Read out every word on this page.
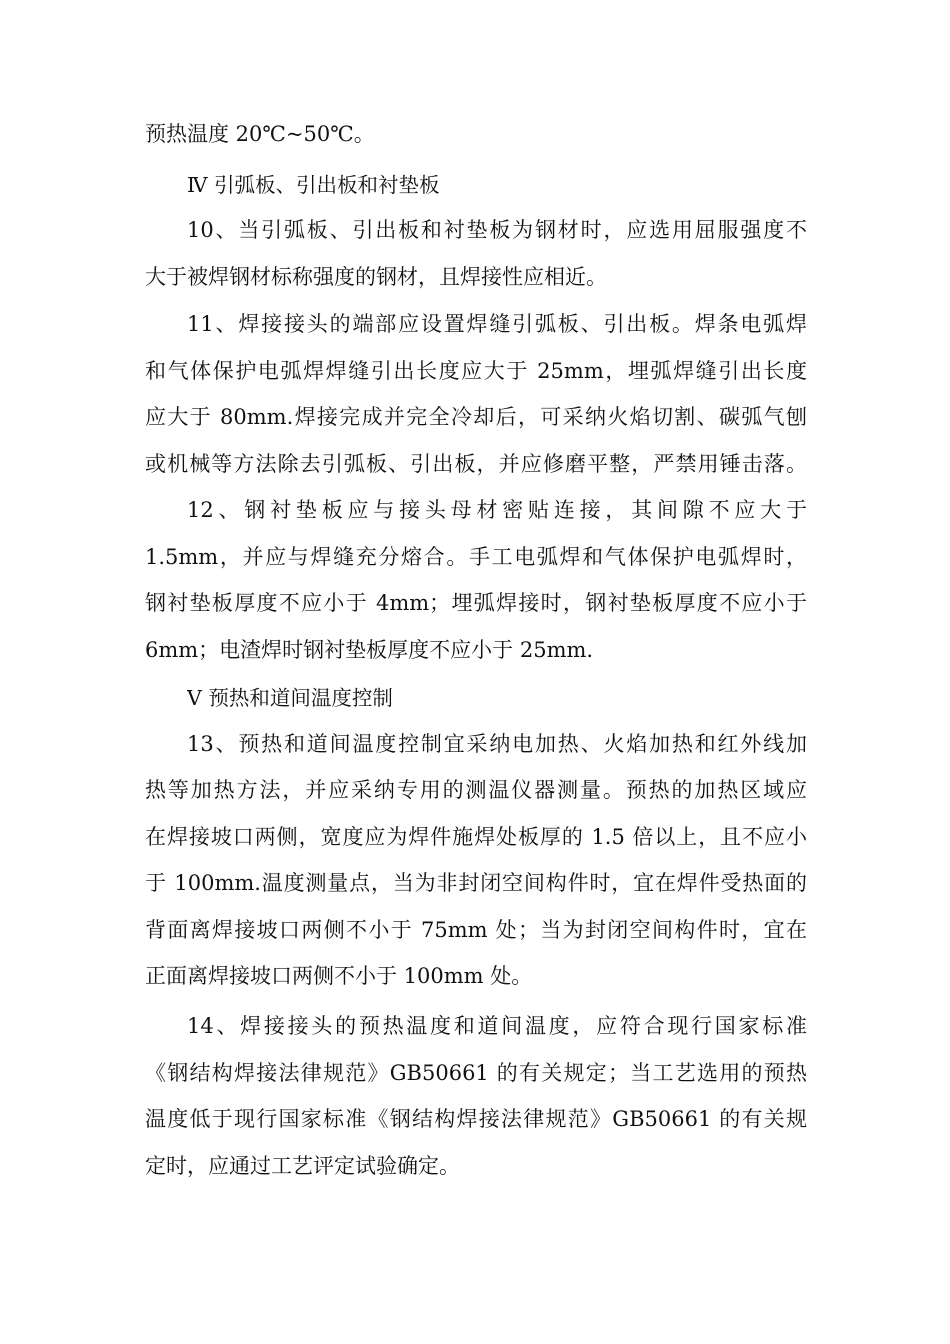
预热温度 20℃~50℃。
Ⅳ 引弧板、引出板和衬垫板
10、当引弧板、引出板和衬垫板为钢材时，应选用屈服强度不
大于被焊钢材标称强度的钢材，且焊接性应相近。
11、焊接接头的端部应设置焊缝引弧板、引出板。焊条电弧焊
和气体保护电弧焊焊缝引出长度应大于 25mm，埋弧焊缝引出长度
应大于 80mm.焊接完成并完全冷却后，可采纳火焰切割、碳弧气刨
或机械等方法除去引弧板、引出板，并应修磨平整，严禁用锤击落。
12、钢衬垫板应与接头母材密贴连接，其间隙不应大于
1.5mm，并应与焊缝充分熔合。手工电弧焊和气体保护电弧焊时，
钢衬垫板厚度不应小于 4mm；埋弧焊接时，钢衬垫板厚度不应小于
6mm；电渣焊时钢衬垫板厚度不应小于 25mm.
Ⅴ 预热和道间温度控制
13、预热和道间温度控制宜采纳电加热、火焰加热和红外线加
热等加热方法，并应采纳专用的测温仪器测量。预热的加热区域应
在焊接坡口两侧，宽度应为焊件施焊处板厚的 1.5 倍以上，且不应小
于 100mm.温度测量点，当为非封闭空间构件时，宜在焊件受热面的
背面离焊接坡口两侧不小于 75mm 处；当为封闭空间构件时，宜在
正面离焊接坡口两侧不小于 100mm 处。
14、焊接接头的预热温度和道间温度，应符合现行国家标准
《钢结构焊接法律规范》GB50661 的有关规定；当工艺选用的预热
温度低于现行国家标准《钢结构焊接法律规范》GB50661 的有关规
定时，应通过工艺评定试验确定。
